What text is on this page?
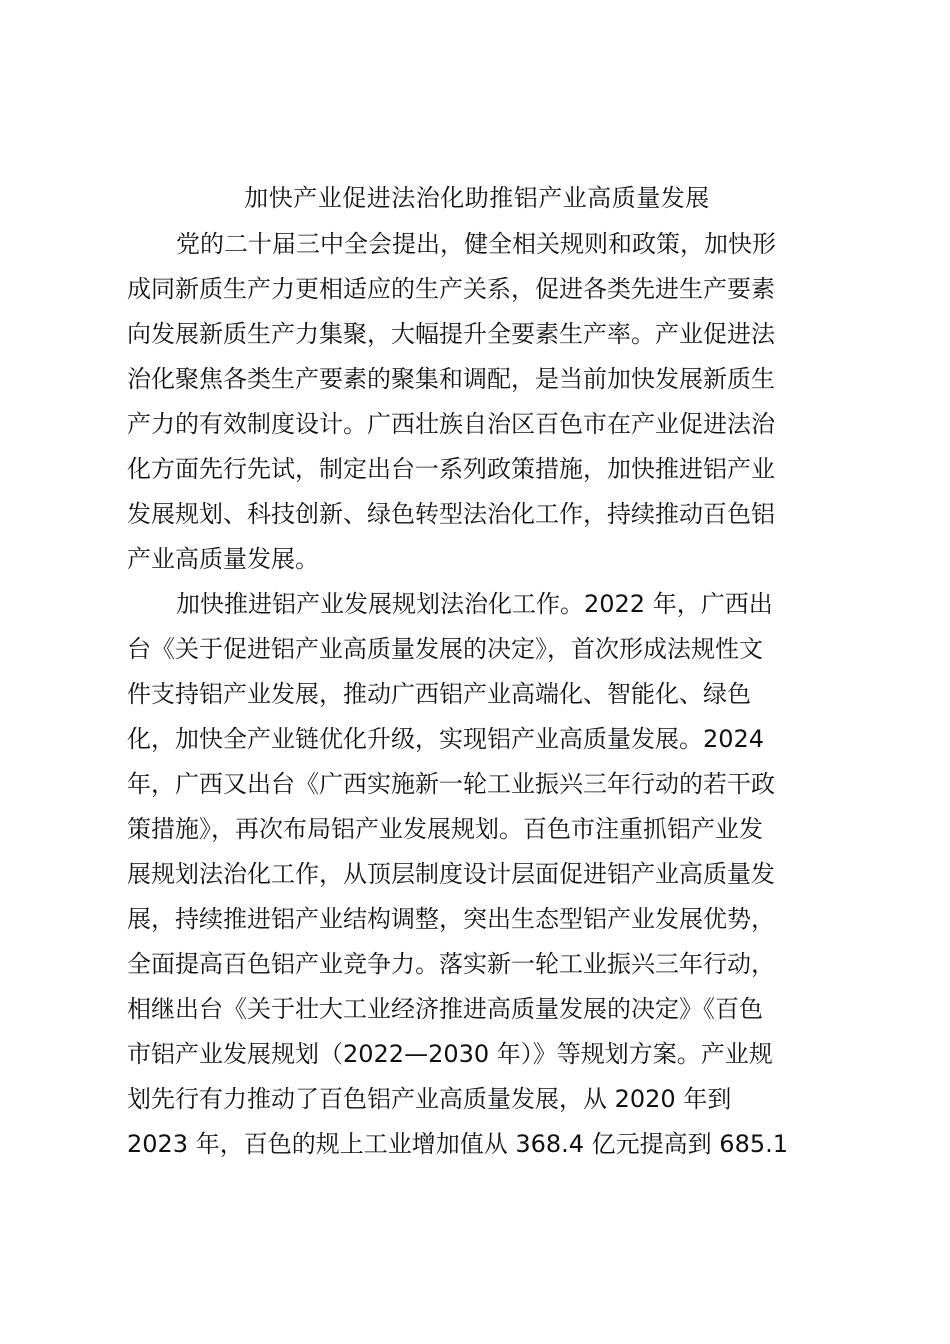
加快产业促进法治化助推铝产业高质量发展
党的二十届三中全会提出，健全相关规则和政策，加快形
成同新质生产力更相适应的生产关系，促进各类先进生产要素
向发展新质生产力集聚，大幅提升全要素生产率。产业促进法
治化聚焦各类生产要素的聚集和调配，是当前加快发展新质生
产力的有效制度设计。广西壮族自治区百色市在产业促进法治
化方面先行先试，制定出台一系列政策措施，加快推进铝产业
发展规划、科技创新、绿色转型法治化工作，持续推动百色铝
产业高质量发展。
加快推进铝产业发展规划法治化工作。2022 年，广西出
台《关于促进铝产业高质量发展的决定》，首次形成法规性文
件支持铝产业发展，推动广西铝产业高端化、智能化、绿色
化，加快全产业链优化升级，实现铝产业高质量发展。2024
年，广西又出台《广西实施新一轮工业振兴三年行动的若干政
策措施》，再次布局铝产业发展规划。百色市注重抓铝产业发
展规划法治化工作，从顶层制度设计层面促进铝产业高质量发
展，持续推进铝产业结构调整，突出生态型铝产业发展优势，
全面提高百色铝产业竞争力。落实新一轮工业振兴三年行动，
相继出台《关于壮大工业经济推进高质量发展的决定》《百色
市铝产业发展规划（2022—2030 年）》等规划方案。产业规
划先行有力推动了百色铝产业高质量发展，从 2020 年到
2023 年，百色的规上工业增加值从 368.4 亿元提高到 685.1
